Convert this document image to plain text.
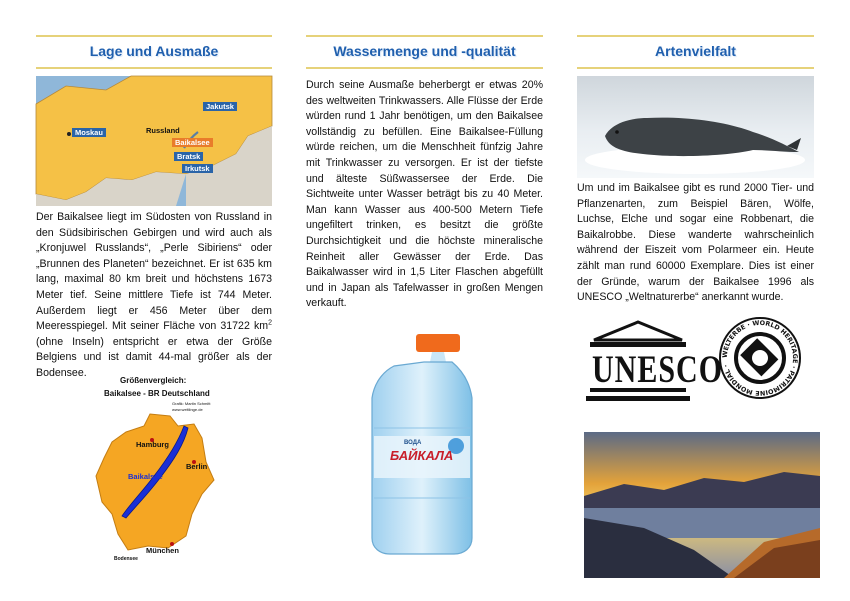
Lage und Ausmaße
Moskau	Russland
Jakutsk
Baikalsee
Bratsk
Irkutsk

Der Baikalsee liegt im Südosten von Russland in den Südsibirischen Gebirgen und wird auch als „Kronjuwel Russlands“, „Perle Sibiriens“ oder „Brunnen des Planeten“ bezeichnet. Er ist 635 km lang, maximal 80 km breit und höchstens 1673 Meter tief. Seine mittlere Tiefe ist 744 Meter. Außerdem liegt er 456 Meter über dem Meeresspiegel. Mit seiner Fläche von 31722 $km^2$ (ohne Inseln) entspricht er etwa der Größe Belgiens und ist damit 44-mal größer als der Bodensee.

Größenvergleich:
Baikalsee - BR Deutschland
Grafik: Martin Schmitt
www.weltlinge.de
Hamburg
Berlin
Baikalsee
München
Bodensee
Wassermenge und -qualität

Durch seine Ausmaße beherbergt er etwas 20% des weltweiten Trinkwassers. Alle Flüsse der Erde würden rund 1 Jahr benötigen, um den Baikalsee vollständig zu befüllen. Eine Baikalsee-Füllung würde reichen, um die Menschheit fünfzig Jahre mit Trinkwasser zu versorgen. Er ist der tiefste und älteste Süßwassersee der Erde. Die Sichtweite unter Wasser beträgt bis zu 40 Meter. Man kann Wasser aus 400-500 Metern Tiefe ungefiltert trinken, es besitzt die größte Durchsichtigkeit und die höchste mineralische Reinheit aller Gewässer der Erde. Das Baikalwasser wird in 1,5 Liter Flaschen abgefüllt und in Japan als Tafelwasser in großen Mengen verkauft.

БАЙКАЛА
ВОДА
Artenvielfalt

Um und im Baikalsee gibt es rund 2000 Tier- und Pflanzenarten, zum Beispiel Bären, Wölfe, Luchse, Elche und sogar eine Robbenart, die Baikalrobbe. Diese wanderte wahrscheinlich während der Eiszeit vom Polarmeer ein. Heute zählt man rund 60000 Exemplare. Dies ist einer der Gründe, warum der Baikalsee 1996 als UNESCO „Weltnaturerbe“ anerkannt wurde.

UNESCO
WELTERBE · WORLD HERITAGE · PATRIMOINE MONDIAL ·
